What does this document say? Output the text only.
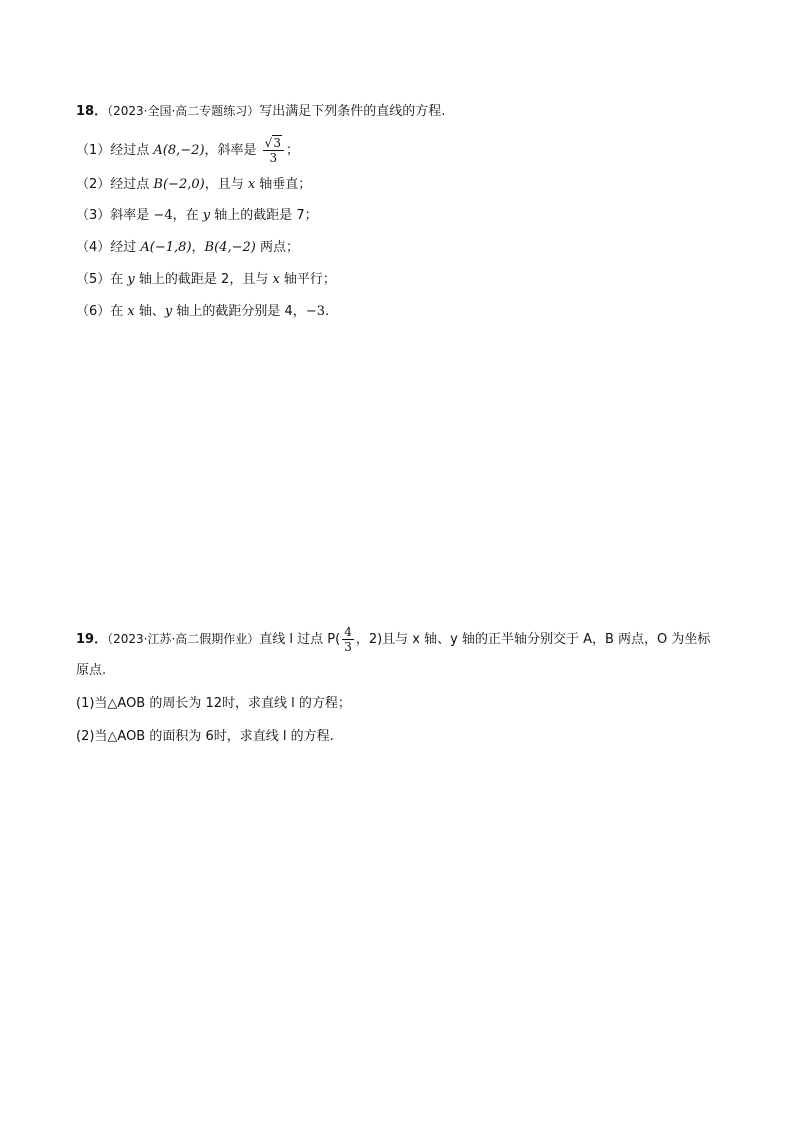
18．（2023·全国·高二专题练习）写出满足下列条件的直线的方程.
（1）经过点 A(8,−2)，斜率是 $\frac{√3}{3}$ ；
（2）经过点 B(−2,0)，且与 x 轴垂直；
（3）斜率是 −4，在 y 轴上的截距是 7；
（4）经过 A(−1,8)，B(4,−2) 两点；
（5）在 y 轴上的截距是 2，且与 x 轴平行；
（6）在 x 轴、y 轴上的截距分别是 4，−3.
19．（2023·江苏·高二假期作业）直线 l 过点 $P( \frac{4}{3}$ ，2)且与 x 轴、y 轴的正半轴分别交于 A，B 两点，O 为坐标
原点.
(1)当△AOB 的周长为 12时，求直线 l 的方程；
(2)当△AOB 的面积为 6时，求直线 l 的方程.
